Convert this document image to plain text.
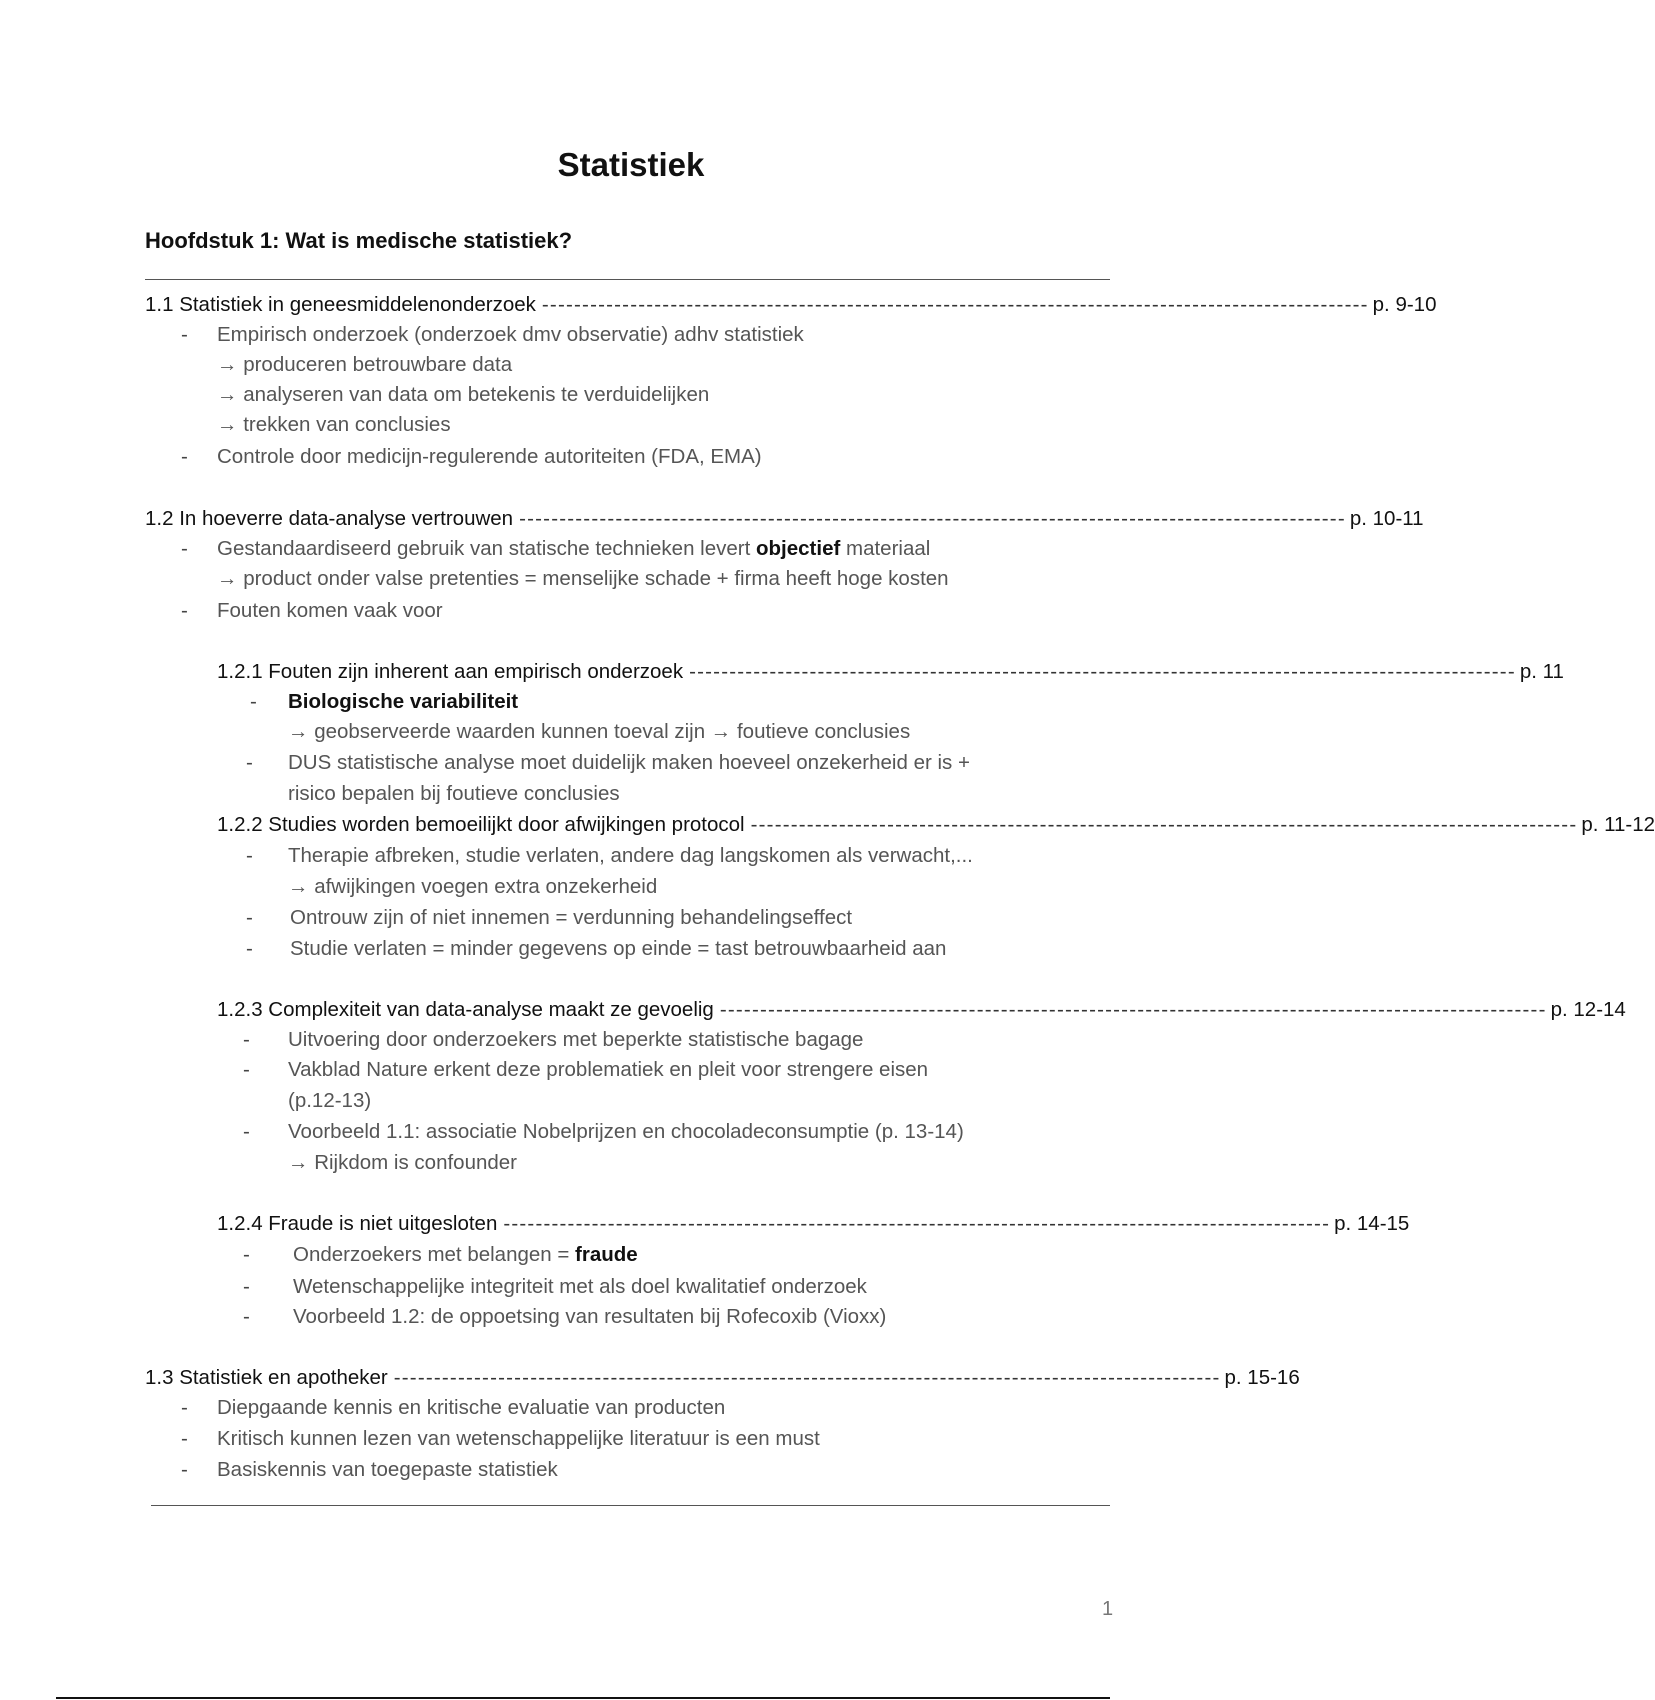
Statistiek
Hoofdstuk 1: Wat is medische statistiek?
1.1 Statistiek in geneesmiddelenonderzoek ------------------------------------------------------------------------------------------------------- p. 9-10
- Empirisch onderzoek (onderzoek dmv observatie) adhv statistiek
→ produceren betrouwbare data
→ analyseren van data om betekenis te verduidelijken
→ trekken van conclusies
- Controle door medicijn-regulerende autoriteiten (FDA, EMA)
1.2 In hoeverre data-analyse vertrouwen ------------------------------------------------------------------------------------------------------- p. 10-11
- Gestandaardiseerd gebruik van statische technieken levert objectief materiaal
→ product onder valse pretenties = menselijke schade + firma heeft hoge kosten
- Fouten komen vaak voor
1.2.1 Fouten zijn inherent aan empirisch onderzoek ------------------------------------------------------------------------------------------------------- p. 11
- Biologische variabiliteit
→ geobserveerde waarden kunnen toeval zijn → foutieve conclusies
- DUS statistische analyse moet duidelijk maken hoeveel onzekerheid er is +
risico bepalen bij foutieve conclusies
1.2.2 Studies worden bemoeilijkt door afwijkingen protocol ------------------------------------------------------------------------------------------------------- p. 11-12
- Therapie afbreken, studie verlaten, andere dag langskomen als verwacht,...
→ afwijkingen voegen extra onzekerheid
- Ontrouw zijn of niet innemen = verdunning behandelingseffect
- Studie verlaten = minder gegevens op einde = tast betrouwbaarheid aan
1.2.3 Complexiteit van data-analyse maakt ze gevoelig ------------------------------------------------------------------------------------------------------- p. 12-14
- Uitvoering door onderzoekers met beperkte statistische bagage
- Vakblad Nature erkent deze problematiek en pleit voor strengere eisen
(p.12-13)
- Voorbeeld 1.1: associatie Nobelprijzen en chocoladeconsumptie (p. 13-14)
→ Rijkdom is confounder
1.2.4 Fraude is niet uitgesloten ------------------------------------------------------------------------------------------------------- p. 14-15
- Onderzoekers met belangen = fraude
- Wetenschappelijke integriteit met als doel kwalitatief onderzoek
- Voorbeeld 1.2: de oppoetsing van resultaten bij Rofecoxib (Vioxx)
1.3 Statistiek en apotheker ------------------------------------------------------------------------------------------------------- p. 15-16
- Diepgaande kennis en kritische evaluatie van producten
- Kritisch kunnen lezen van wetenschappelijke literatuur is een must
- Basiskennis van toegepaste statistiek
1
